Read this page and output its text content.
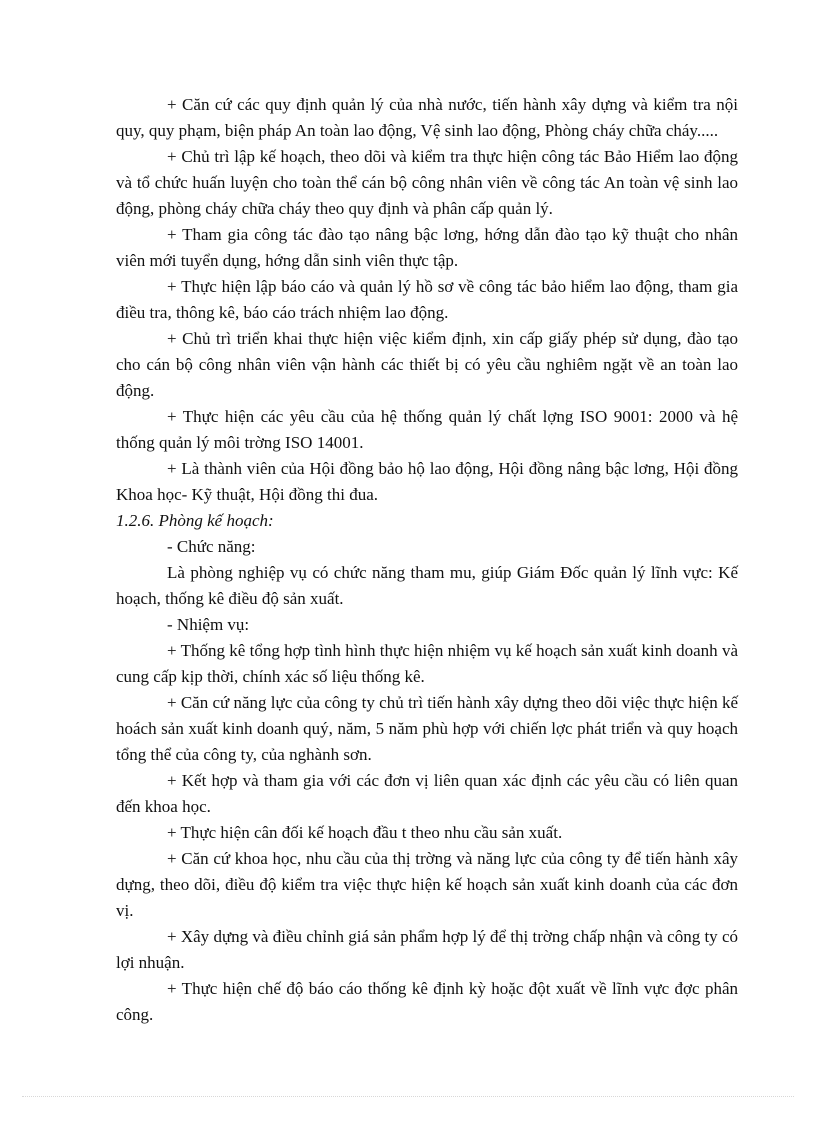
+ Căn cứ các quy định quản lý của nhà nước, tiến hành xây dựng và kiểm tra nội quy, quy phạm, biện pháp An toàn lao động, Vệ sinh lao động, Phòng cháy chữa cháy.....

+ Chủ trì lập kế hoạch, theo dõi và kiểm tra thực hiện công tác Bảo Hiểm lao động và tổ chức huấn luyện cho toàn thể cán bộ công nhân viên về công tác An toàn vệ sinh lao động, phòng cháy chữa cháy theo quy định và phân cấp quản lý.

+ Tham gia công tác đào tạo nâng bậc lơng, hớng dẫn đào tạo kỹ thuật cho nhân viên mới tuyển dụng, hớng dẫn sinh viên thực tập.

+ Thực hiện lập báo cáo và quản lý hồ sơ về công tác bảo hiểm lao động, tham gia điều tra, thông kê, báo cáo trách nhiệm lao động.

+ Chủ trì triển khai thực hiện việc kiểm định, xin cấp giấy phép sử dụng, đào tạo cho cán bộ công nhân viên vận hành các thiết bị có yêu cầu nghiêm ngặt về an toàn lao động.

+ Thực hiện các yêu cầu của hệ thống quản lý chất lợng ISO 9001: 2000 và hệ thống quản lý môi trờng ISO 14001.

+ Là thành viên của Hội đồng bảo hộ lao động, Hội đồng nâng bậc lơng, Hội đồng Khoa học- Kỹ thuật, Hội đồng thi đua.

1.2.6. Phòng kế hoạch:

- Chức năng:

Là phòng nghiệp vụ có chức năng tham mu, giúp Giám Đốc quản lý lĩnh vực: Kế hoạch, thống kê điều độ sản xuất.

- Nhiệm vụ:

+ Thống kê tổng hợp tình hình thực hiện nhiệm vụ kế hoạch sản xuất kinh doanh và cung cấp kịp thời, chính xác số liệu thống kê.

+ Căn cứ năng lực của công ty chủ trì tiến hành xây dựng theo dõi việc thực hiện kế hoách sản xuất kinh doanh quý, năm, 5 năm phù hợp với chiến lợc phát triển và quy hoạch tổng thể của công ty, của nghành sơn.

+ Kết hợp và tham gia với các đơn vị liên quan xác định các yêu cầu có liên quan đến khoa học.

+ Thực hiện cân đối kế hoạch đầu t theo nhu cầu sản xuất.

+ Căn cứ khoa học, nhu cầu của thị trờng và năng lực của công ty để tiến hành xây dựng, theo dõi, điều độ kiểm tra việc thực hiện kế hoạch sản xuất kinh doanh của các đơn vị.

+ Xây dựng và điều chỉnh giá sản phẩm hợp lý để thị trờng chấp nhận và công ty có lợi nhuận.

+ Thực hiện chế độ báo cáo thống kê định kỳ hoặc đột xuất về lĩnh vực đợc phân công.
